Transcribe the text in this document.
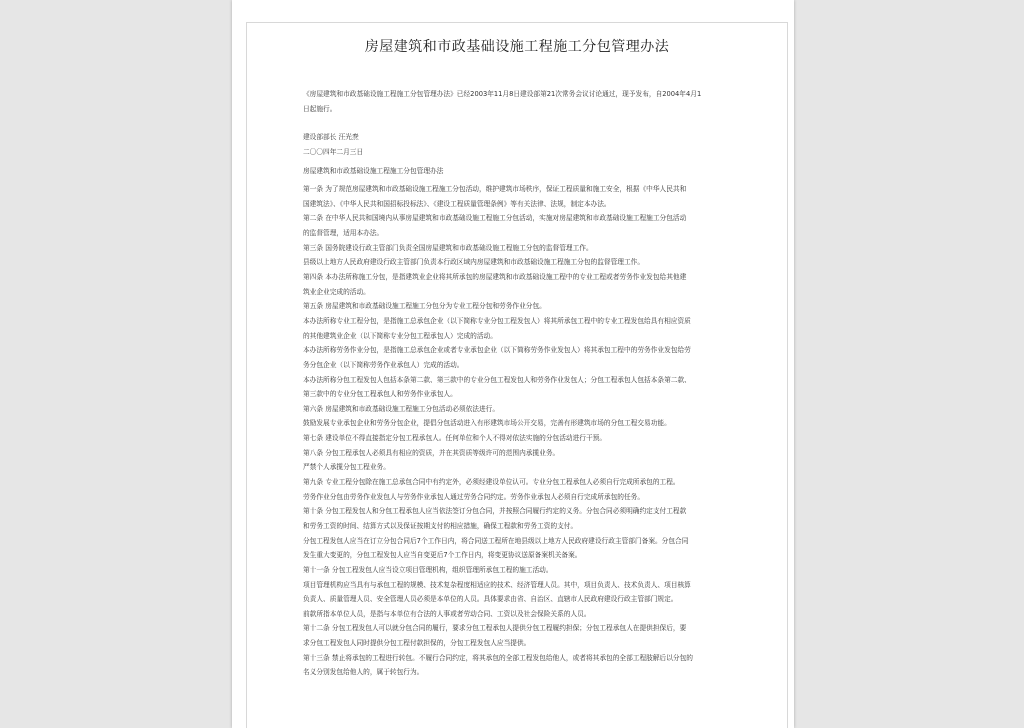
房屋建筑和市政基础设施工程施工分包管理办法
《房屋建筑和市政基础设施工程施工分包管理办法》已经2003年11月8日建设部第21次常务会议讨论通过，现予发布，自2004年4月1
日起施行。
建设部部长 汪光焘
二〇〇四年二月三日
房屋建筑和市政基础设施工程施工分包管理办法
第一条 为了规范房屋建筑和市政基础设施工程施工分包活动，维护建筑市场秩序，保证工程质量和施工安全，根据《中华人民共和
国建筑法》、《中华人民共和国招标投标法》、《建设工程质量管理条例》等有关法律、法规，制定本办法。
第二条 在中华人民共和国境内从事房屋建筑和市政基础设施工程施工分包活动，实施对房屋建筑和市政基础设施工程施工分包活动
的监督管理，适用本办法。
第三条 国务院建设行政主管部门负责全国房屋建筑和市政基础设施工程施工分包的监督管理工作。
县级以上地方人民政府建设行政主管部门负责本行政区域内房屋建筑和市政基础设施工程施工分包的监督管理工作。
第四条 本办法所称施工分包，是指建筑业企业将其所承包的房屋建筑和市政基础设施工程中的专业工程或者劳务作业发包给其他建
筑业企业完成的活动。
第五条 房屋建筑和市政基础设施工程施工分包分为专业工程分包和劳务作业分包。
本办法所称专业工程分包，是指施工总承包企业（以下简称专业分包工程发包人）将其所承包工程中的专业工程发包给具有相应资质
的其他建筑业企业（以下简称专业分包工程承包人）完成的活动。
本办法所称劳务作业分包，是指施工总承包企业或者专业承包企业（以下简称劳务作业发包人）将其承包工程中的劳务作业发包给劳
务分包企业（以下简称劳务作业承包人）完成的活动。
本办法所称分包工程发包人包括本条第二款、第三款中的专业分包工程发包人和劳务作业发包人；分包工程承包人包括本条第二款、
第三款中的专业分包工程承包人和劳务作业承包人。
第六条 房屋建筑和市政基础设施工程施工分包活动必须依法进行。
鼓励发展专业承包企业和劳务分包企业，提倡分包活动进入有形建筑市场公开交易，完善有形建筑市场的分包工程交易功能。
第七条 建设单位不得直接指定分包工程承包人。任何单位和个人不得对依法实施的分包活动进行干预。
第八条 分包工程承包人必须具有相应的资质，并在其资质等级许可的范围内承揽业务。
严禁个人承揽分包工程业务。
第九条 专业工程分包除在施工总承包合同中有约定外，必须经建设单位认可。专业分包工程承包人必须自行完成所承包的工程。
劳务作业分包由劳务作业发包人与劳务作业承包人通过劳务合同约定。劳务作业承包人必须自行完成所承包的任务。
第十条 分包工程发包人和分包工程承包人应当依法签订分包合同，并按照合同履行约定的义务。分包合同必须明确约定支付工程款
和劳务工资的时间、结算方式以及保证按期支付的相应措施，确保工程款和劳务工资的支付。
分包工程发包人应当在订立分包合同后7个工作日内，将合同送工程所在地县级以上地方人民政府建设行政主管部门备案。分包合同
发生重大变更的，分包工程发包人应当自变更后7个工作日内，将变更协议送原备案机关备案。
第十一条 分包工程发包人应当设立项目管理机构，组织管理所承包工程的施工活动。
项目管理机构应当具有与承包工程的规模、技术复杂程度相适应的技术、经济管理人员。其中，项目负责人、技术负责人、项目核算
负责人、质量管理人员、安全管理人员必须是本单位的人员。具体要求由省、自治区、直辖市人民政府建设行政主管部门规定。
前款所指本单位人员，是指与本单位有合法的人事或者劳动合同、工资以及社会保险关系的人员。
第十二条 分包工程发包人可以就分包合同的履行，要求分包工程承包人提供分包工程履约担保；分包工程承包人在提供担保后，要
求分包工程发包人同时提供分包工程付款担保的，分包工程发包人应当提供。
第十三条 禁止将承包的工程进行转包。不履行合同约定，将其承包的全部工程发包给他人，或者将其承包的全部工程肢解后以分包的
名义分别发包给他人的，属于转包行为。
